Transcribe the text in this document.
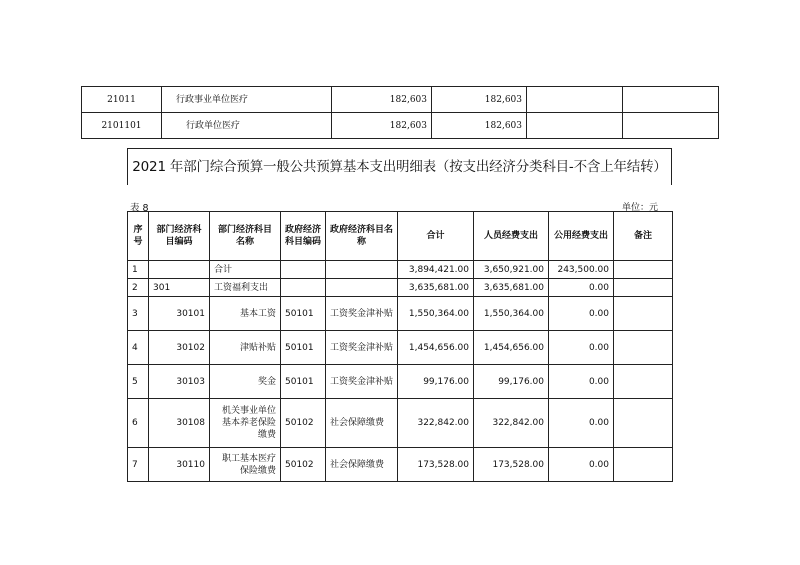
21011	行政事业单位医疗	182,603	182,603		
2101101	行政单位医疗	182,603	182,603		
2021 年部门综合预算一般公共预算基本支出明细表（按支出经济分类科目-不含上年结转）
表 8	单位：元
序号	部门经济科目编码	部门经济科目名称	政府经济科目编码	政府经济科目名称	合计	人员经费支出	公用经费支出	备注
1		合计			3,894,421.00	3,650,921.00	243,500.00	
2	301	工资福利支出			3,635,681.00	3,635,681.00	0.00	
3	30101	基本工资	50101	工资奖金津补贴	1,550,364.00	1,550,364.00	0.00	
4	30102	津贴补贴	50101	工资奖金津补贴	1,454,656.00	1,454,656.00	0.00	
5	30103	奖金	50101	工资奖金津补贴	99,176.00	99,176.00	0.00	
6	30108	机关事业单位基本养老保险缴费	50102	社会保障缴费	322,842.00	322,842.00	0.00	
7	30110	职工基本医疗保险缴费	50102	社会保障缴费	173,528.00	173,528.00	0.00	
